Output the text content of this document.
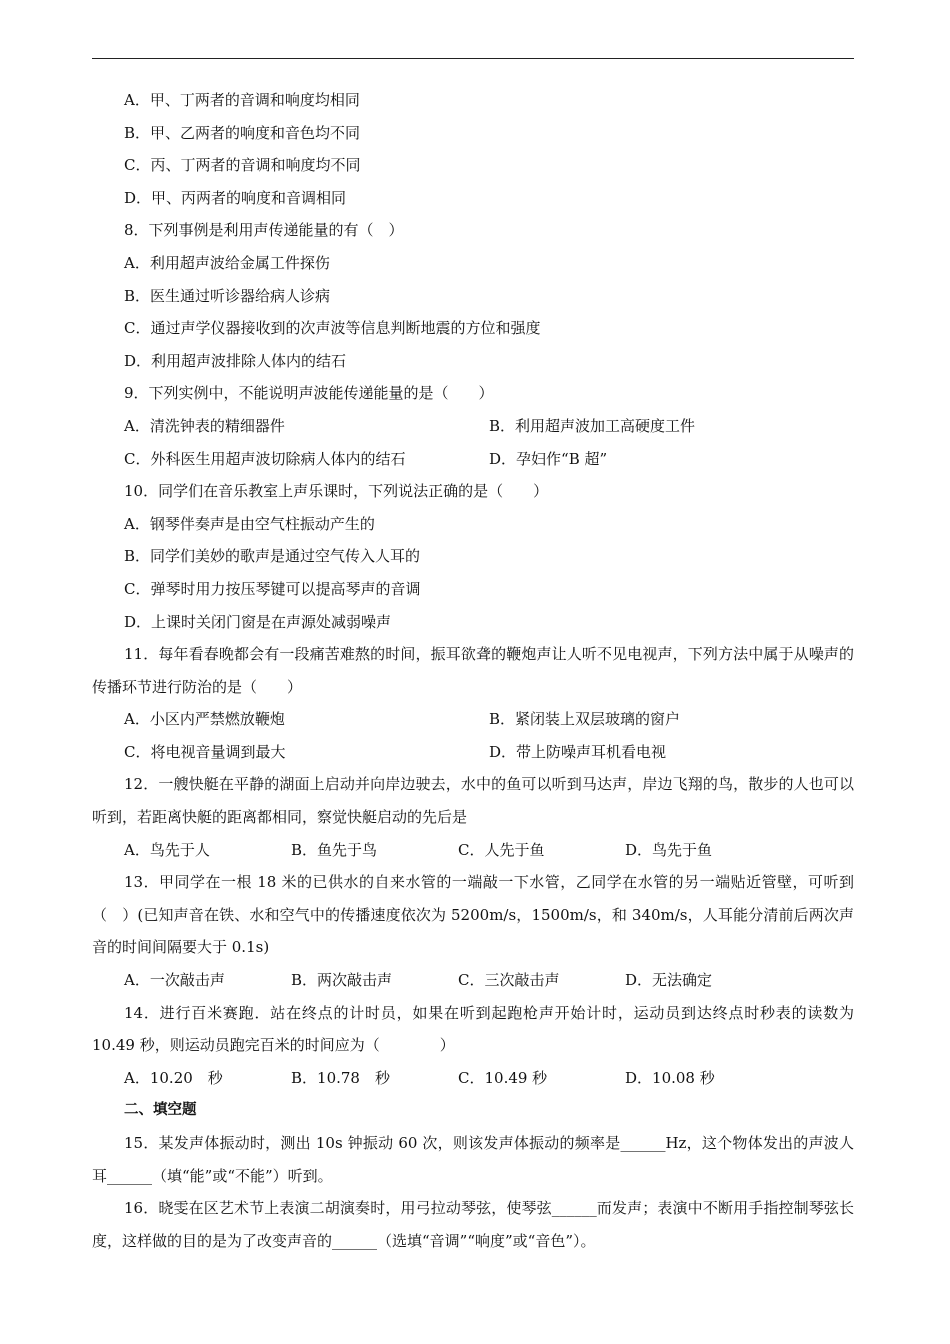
A．甲、丁两者的音调和响度均相同
B．甲、乙两者的响度和音色均不同
C．丙、丁两者的音调和响度均不同
D．甲、丙两者的响度和音调相同
8．下列事例是利用声传递能量的有（　）
A．利用超声波给金属工件探伤
B．医生通过听诊器给病人诊病
C．通过声学仪器接收到的次声波等信息判断地震的方位和强度
D．利用超声波排除人体内的结石
9．下列实例中，不能说明声波能传递能量的是（　　）
A．清洗钟表的精细器件	B．利用超声波加工高硬度工件
C．外科医生用超声波切除病人体内的结石	D．孕妇作“B 超”
10．同学们在音乐教室上声乐课时，下列说法正确的是（　　）
A．钢琴伴奏声是由空气柱振动产生的
B．同学们美妙的歌声是通过空气传入人耳的
C．弹琴时用力按压琴键可以提高琴声的音调
D．上课时关闭门窗是在声源处减弱噪声
11．每年看春晚都会有一段痛苦难熬的时间，振耳欲聋的鞭炮声让人听不见电视声，下列方法中属于从噪声的传播环节进行防治的是（　　）
A．小区内严禁燃放鞭炮	B．紧闭装上双层玻璃的窗户
C．将电视音量调到最大	D．带上防噪声耳机看电视
12．一艘快艇在平静的湖面上启动并向岸边驶去，水中的鱼可以听到马达声，岸边飞翔的鸟，散步的人也可以听到，若距离快艇的距离都相同，察觉快艇启动的先后是
A．鸟先于人	B．鱼先于鸟	C．人先于鱼	D．鸟先于鱼
13．甲同学在一根 18 米的已供水的自来水管的一端敲一下水管，乙同学在水管的另一端贴近管壁，可听到（　）(已知声音在铁、水和空气中的传播速度依次为 5200m/s，1500m/s，和 340m/s，人耳能分清前后两次声音的时间间隔要大于 0.1s)
A．一次敲击声	B．两次敲击声	C．三次敲击声	D．无法确定
14．进行百米赛跑．站在终点的计时员，如果在听到起跑枪声开始计时，运动员到达终点时秒表的读数为 10.49 秒，则运动员跑完百米的时间应为（　　　　）
A．10.20　秒	B．10.78　秒	C．10.49 秒	D．10.08 秒
二、填空题
15．某发声体振动时，测出 10s 钟振动 60 次，则该发声体振动的频率是______Hz，这个物体发出的声波人耳______（填“能”或“不能”）听到。
16．晓雯在区艺术节上表演二胡演奏时，用弓拉动琴弦，使琴弦______而发声；表演中不断用手指控制琴弦长度，这样做的目的是为了改变声音的______（选填“音调”“响度”或“音色”）。
